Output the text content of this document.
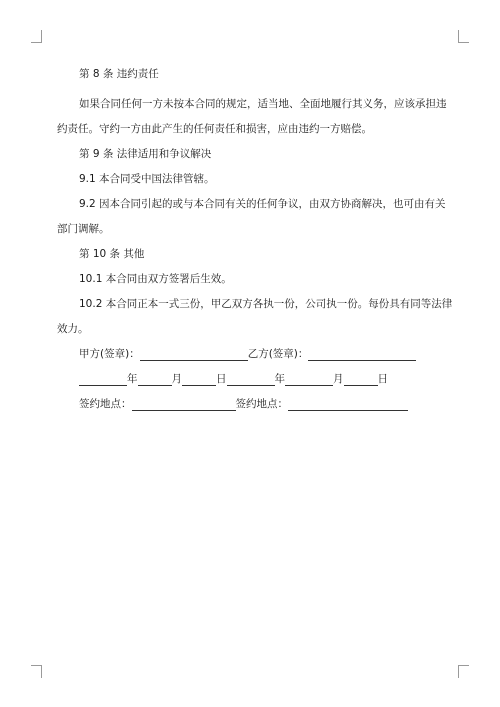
第 8 条 违约责任
如果合同任何一方未按本合同的规定，适当地、全面地履行其义务，应该承担违
约责任。守约一方由此产生的任何责任和损害，应由违约一方赔偿。
第 9 条 法律适用和争议解决
9.1 本合同受中国法律管辖。
9.2 因本合同引起的或与本合同有关的任何争议，由双方协商解决，也可由有关
部门调解。
第 10 条 其他
10.1 本合同由双方签署后生效。
10.2 本合同正本一式三份，甲乙双方各执一份，公司执一份。每份具有同等法律
效力。
甲方(签章)：	乙方(签章)：
年	月	日	年	月	日
签约地点：	签约地点：
